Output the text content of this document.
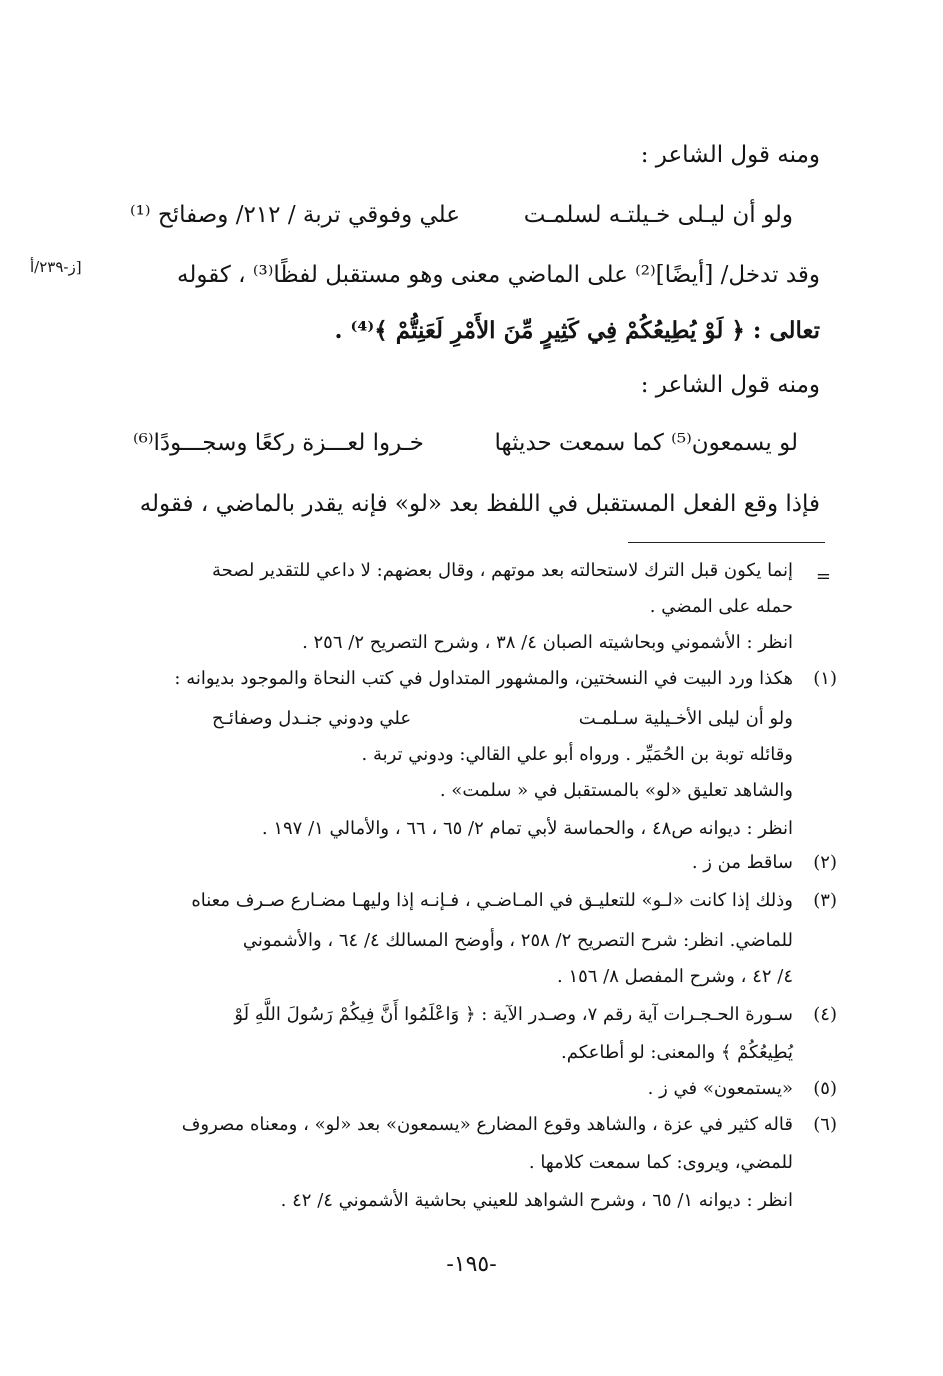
ومنه قول الشاعر :
ولو أن ليـلى خـيلتـه لسلمـت
علي وفوقي تربة / ٢١٢/ وصفائح ⁽¹⁾
وقد تدخل/ [أيضًا]⁽²⁾ على الماضي معنى وهو مستقبل لفظًا⁽³⁾ ، كقوله
[ز-٢٣٩/أ
تعالى : ﴿ لَوْ يُطِيعُكُمْ فِي كَثِيرٍ مِّنَ الأَمْرِ لَعَنِتُّمْ ﴾⁽⁴⁾ .
ومنه قول الشاعر :
لو يسمعون⁽⁵⁾ كما سمعت حديثها
خـروا لعـــزة ركعًا وسجـــودًا⁽⁶⁾
فإذا وقع الفعل المستقبل في اللفظ بعد «لو» فإنه يقدر بالماضي ، فقوله
=
إنما يكون قبل الترك لاستحالته بعد موتهم ، وقال بعضهم: لا داعي للتقدير لصحة
حمله على المضي .
انظر : الأشموني وبحاشيته الصبان ٤/ ٣٨ ، وشرح التصريح ٢/ ٢٥٦ .
(١)
هكذا ورد البيت في النسختين، والمشهور المتداول في كتب النحاة والموجود بديوانه :
ولو أن ليلى الأخـيلية سـلمـت
علي ودوني جنـدل وصفائـح
وقائله توبة بن الحُمَيِّر . ورواه أبو علي القالي: ودوني تربة .
والشاهد تعليق «لو» بالمستقبل في « سلمت» .
انظر : ديوانه ص٤٨ ، والحماسة لأبي تمام ٢/ ٦٥ ، ٦٦ ، والأمالي ١/ ١٩٧ .
(٢)
ساقط من ز .
(٣)
وذلك إذا كانت «لـو» للتعليـق في المـاضـي ، فـإنـه إذا وليهـا مضـارع صـرف معناه
للماضي. انظر: شرح التصريح ٢/ ٢٥٨ ، وأوضح المسالك ٤/ ٦٤ ، والأشموني
٤/ ٤٢ ، وشرح المفصل ٨/ ١٥٦ .
(٤)
سـورة الحـجـرات آية رقم ٧، وصـدر الآية : ﴿ وَاعْلَمُوا أَنَّ فِيكُمْ رَسُولَ اللَّهِ لَوْ
يُطِيعُكُمْ ﴾ والمعنى: لو أطاعكم.
(٥)
«يستمعون» في ز .
(٦)
قاله كثير في عزة ، والشاهد وقوع المضارع «يسمعون» بعد «لو» ، ومعناه مصروف
للمضي، ويروى: كما سمعت كلامها .
انظر : ديوانه ١/ ٦٥ ، وشرح الشواهد للعيني بحاشية الأشموني ٤/ ٤٢ .
-١٩٥-
